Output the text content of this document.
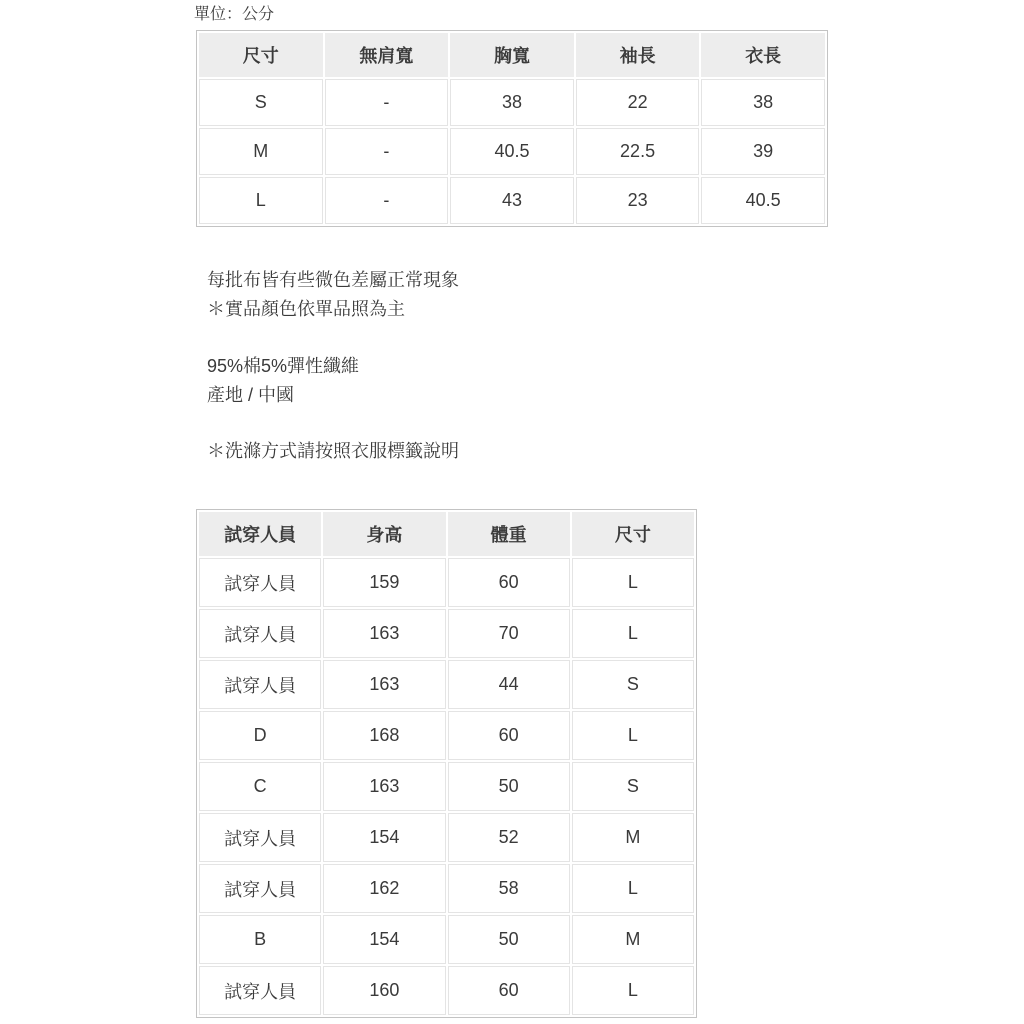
單位：公分
尺寸	無肩寬	胸寬	袖長	衣長
S	-	38	22	38
M	-	40.5	22.5	39
L	-	43	23	40.5

每批布皆有些微色差屬正常現象
＊實品顏色依單品照為主

95%棉5%彈性纖維
產地 / 中國

＊洗滌方式請按照衣服標籤說明

試穿人員	身高	體重	尺寸
試穿人員	159	60	L
試穿人員	163	70	L
試穿人員	163	44	S
D	168	60	L
C	163	50	S
試穿人員	154	52	M
試穿人員	162	58	L
B	154	50	M
試穿人員	160	60	L
